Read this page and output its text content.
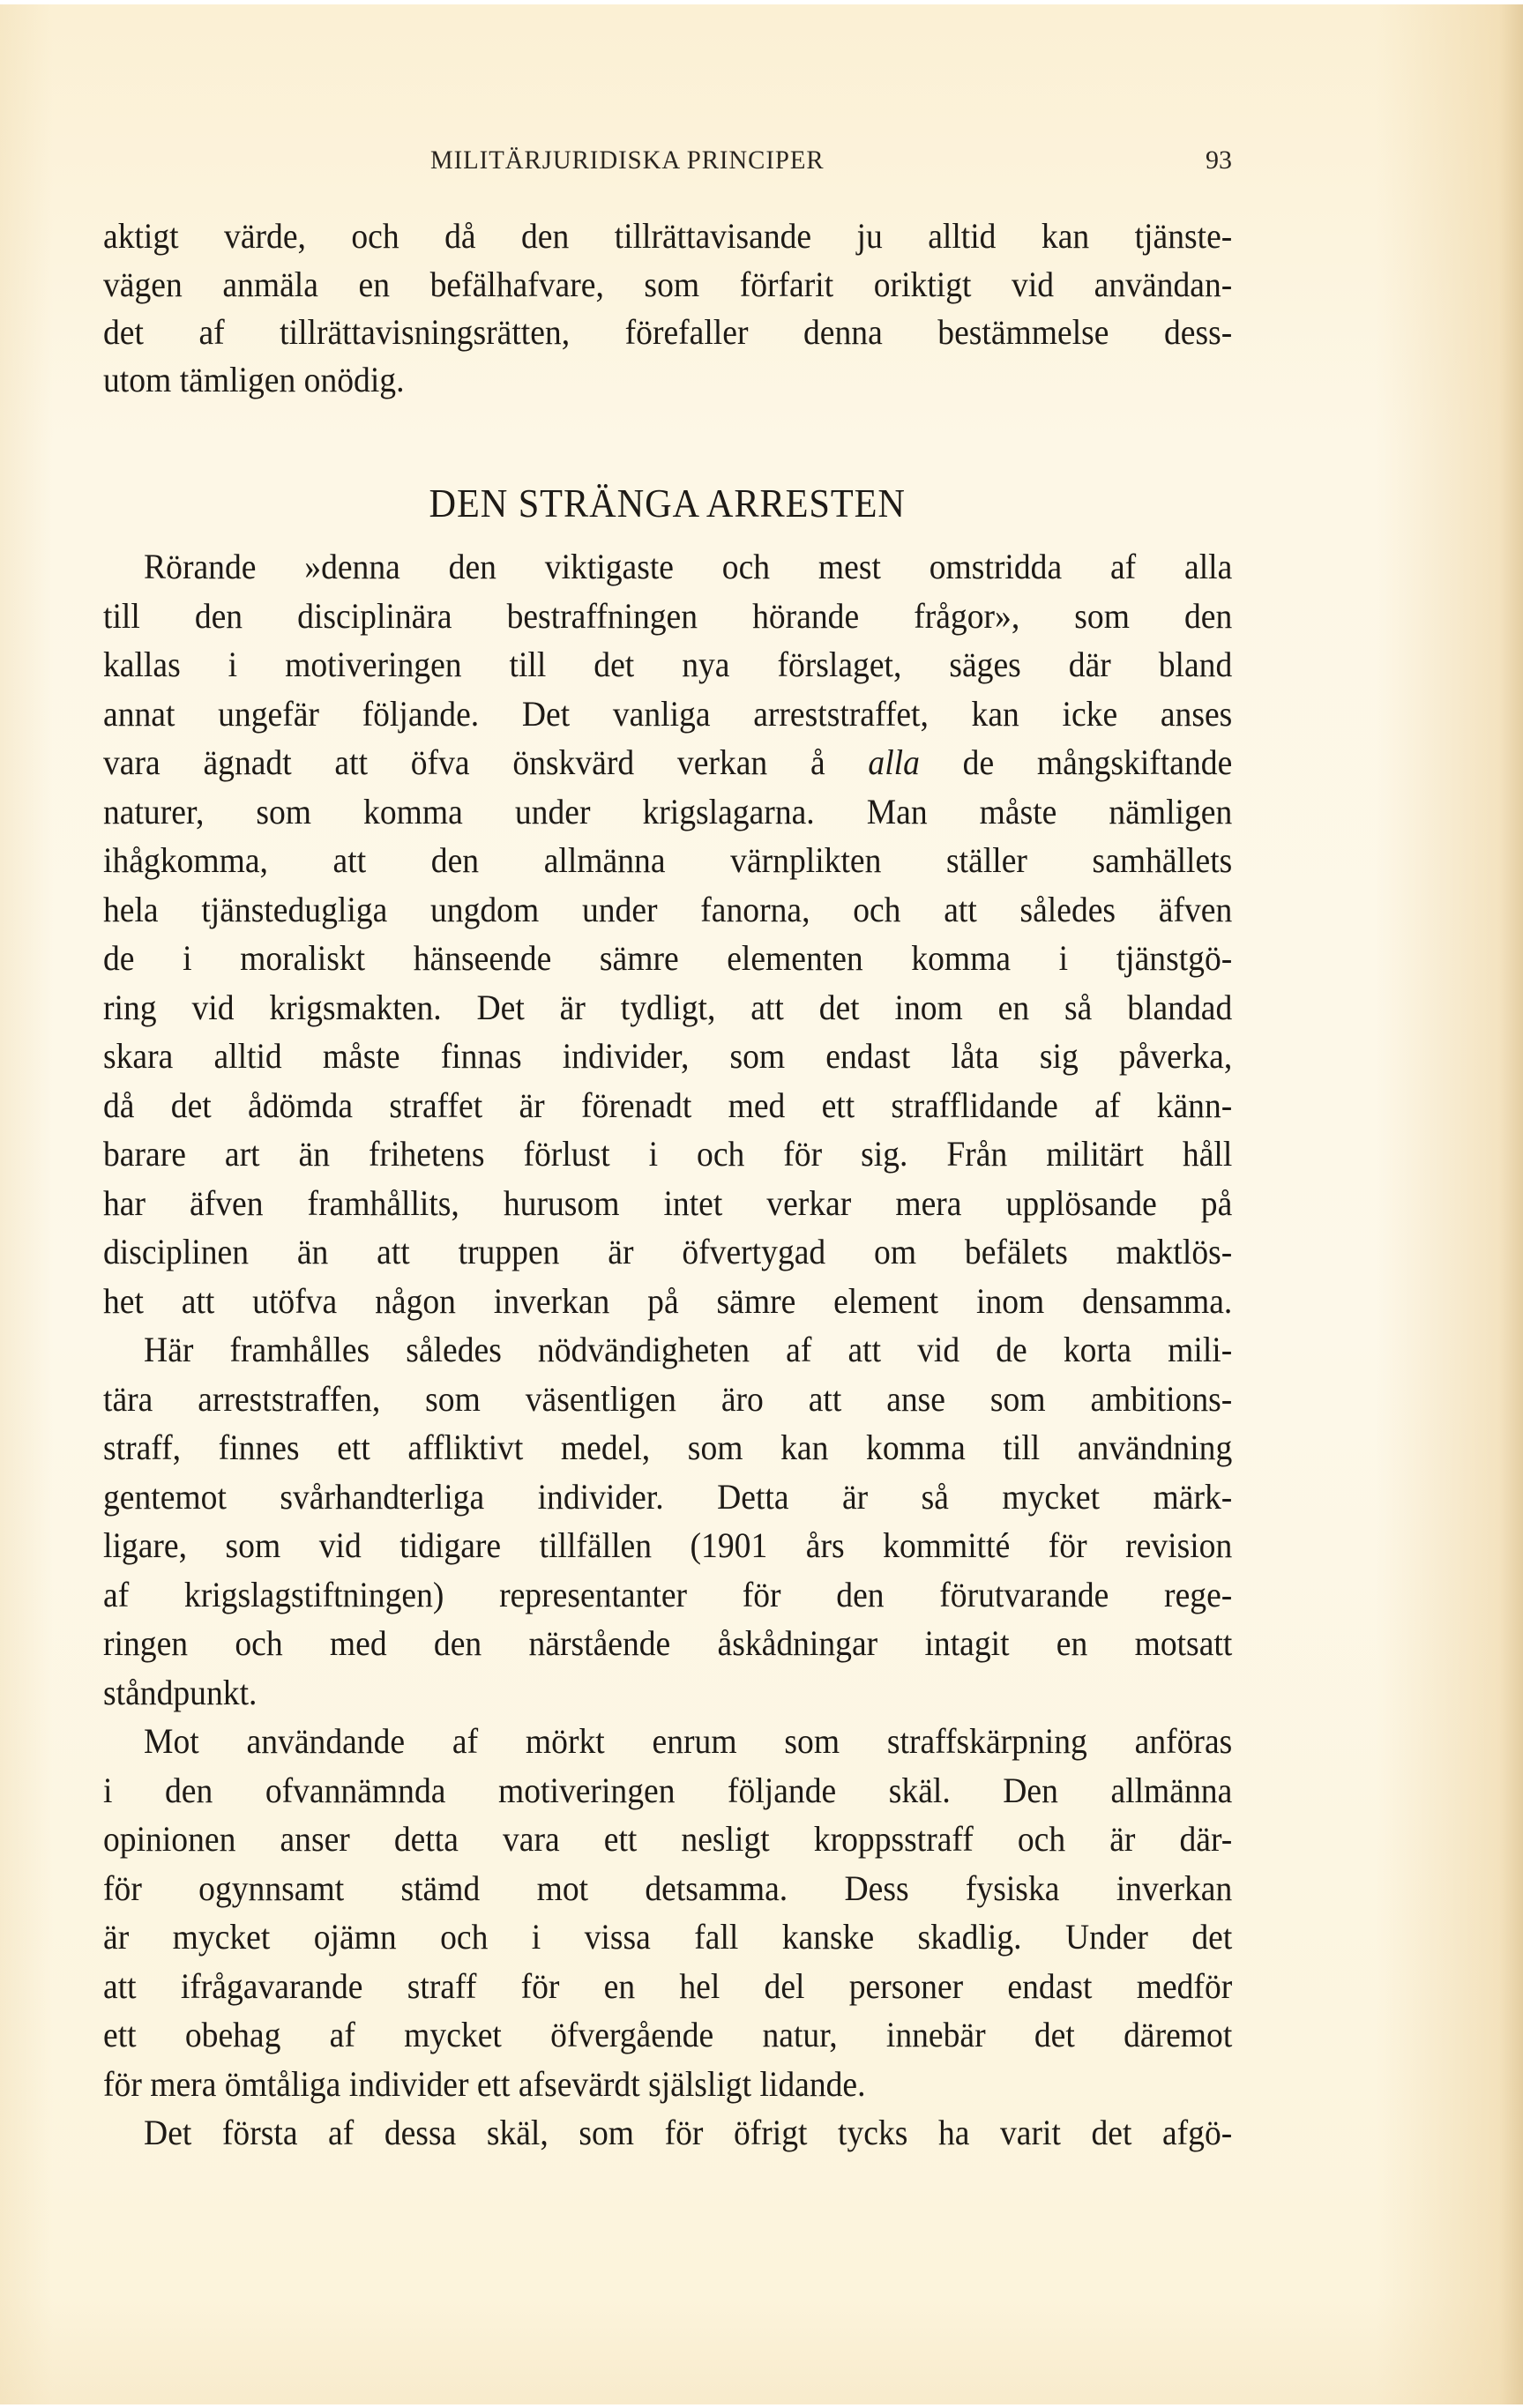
MILITÄRJURIDISKA PRINCIPER	93
aktigt värde, och då den tillrättavisande ju alltid kan tjänste-
vägen anmäla en befälhafvare, som förfarit oriktigt vid användan-
det af tillrättavisningsrätten, förefaller denna bestämmelse dess-
utom tämligen onödig.
DEN STRÄNGA ARRESTEN
Rörande »denna den viktigaste och mest omstridda af alla
till den disciplinära bestraffningen hörande frågor», som den
kallas i motiveringen till det nya förslaget, säges där bland
annat ungefär följande. Det vanliga arreststraffet, kan icke anses
vara ägnadt att öfva önskvärd verkan å alla de mångskiftande
naturer, som komma under krigslagarna. Man måste nämligen
ihågkomma, att den allmänna värnplikten ställer samhällets
hela tjänstedugliga ungdom under fanorna, och att således äfven
de i moraliskt hänseende sämre elementen komma i tjänstgö-
ring vid krigsmakten. Det är tydligt, att det inom en så blandad
skara alltid måste finnas individer, som endast låta sig påverka,
då det ådömda straffet är förenadt med ett strafflidande af känn-
barare art än frihetens förlust i och för sig. Från militärt håll
har äfven framhållits, hurusom intet verkar mera upplösande på
disciplinen än att truppen är öfvertygad om befälets maktlös-
het att utöfva någon inverkan på sämre element inom densamma.
Här framhålles således nödvändigheten af att vid de korta mili-
tära arreststraffen, som väsentligen äro att anse som ambitions-
straff, finnes ett affliktivt medel, som kan komma till användning
gentemot svårhandterliga individer. Detta är så mycket märk-
ligare, som vid tidigare tillfällen (1901 års kommitté för revision
af krigslagstiftningen) representanter för den förutvarande rege-
ringen och med den närstående åskådningar intagit en motsatt
ståndpunkt.
Mot användande af mörkt enrum som straffskärpning anföras
i den ofvannämnda motiveringen följande skäl. Den allmänna
opinionen anser detta vara ett nesligt kroppsstraff och är där-
för ogynnsamt stämd mot detsamma. Dess fysiska inverkan
är mycket ojämn och i vissa fall kanske skadlig. Under det
att ifrågavarande straff för en hel del personer endast medför
ett obehag af mycket öfvergående natur, innebär det däremot
för mera ömtåliga individer ett afsevärdt själsligt lidande.
Det första af dessa skäl, som för öfrigt tycks ha varit det afgö-
